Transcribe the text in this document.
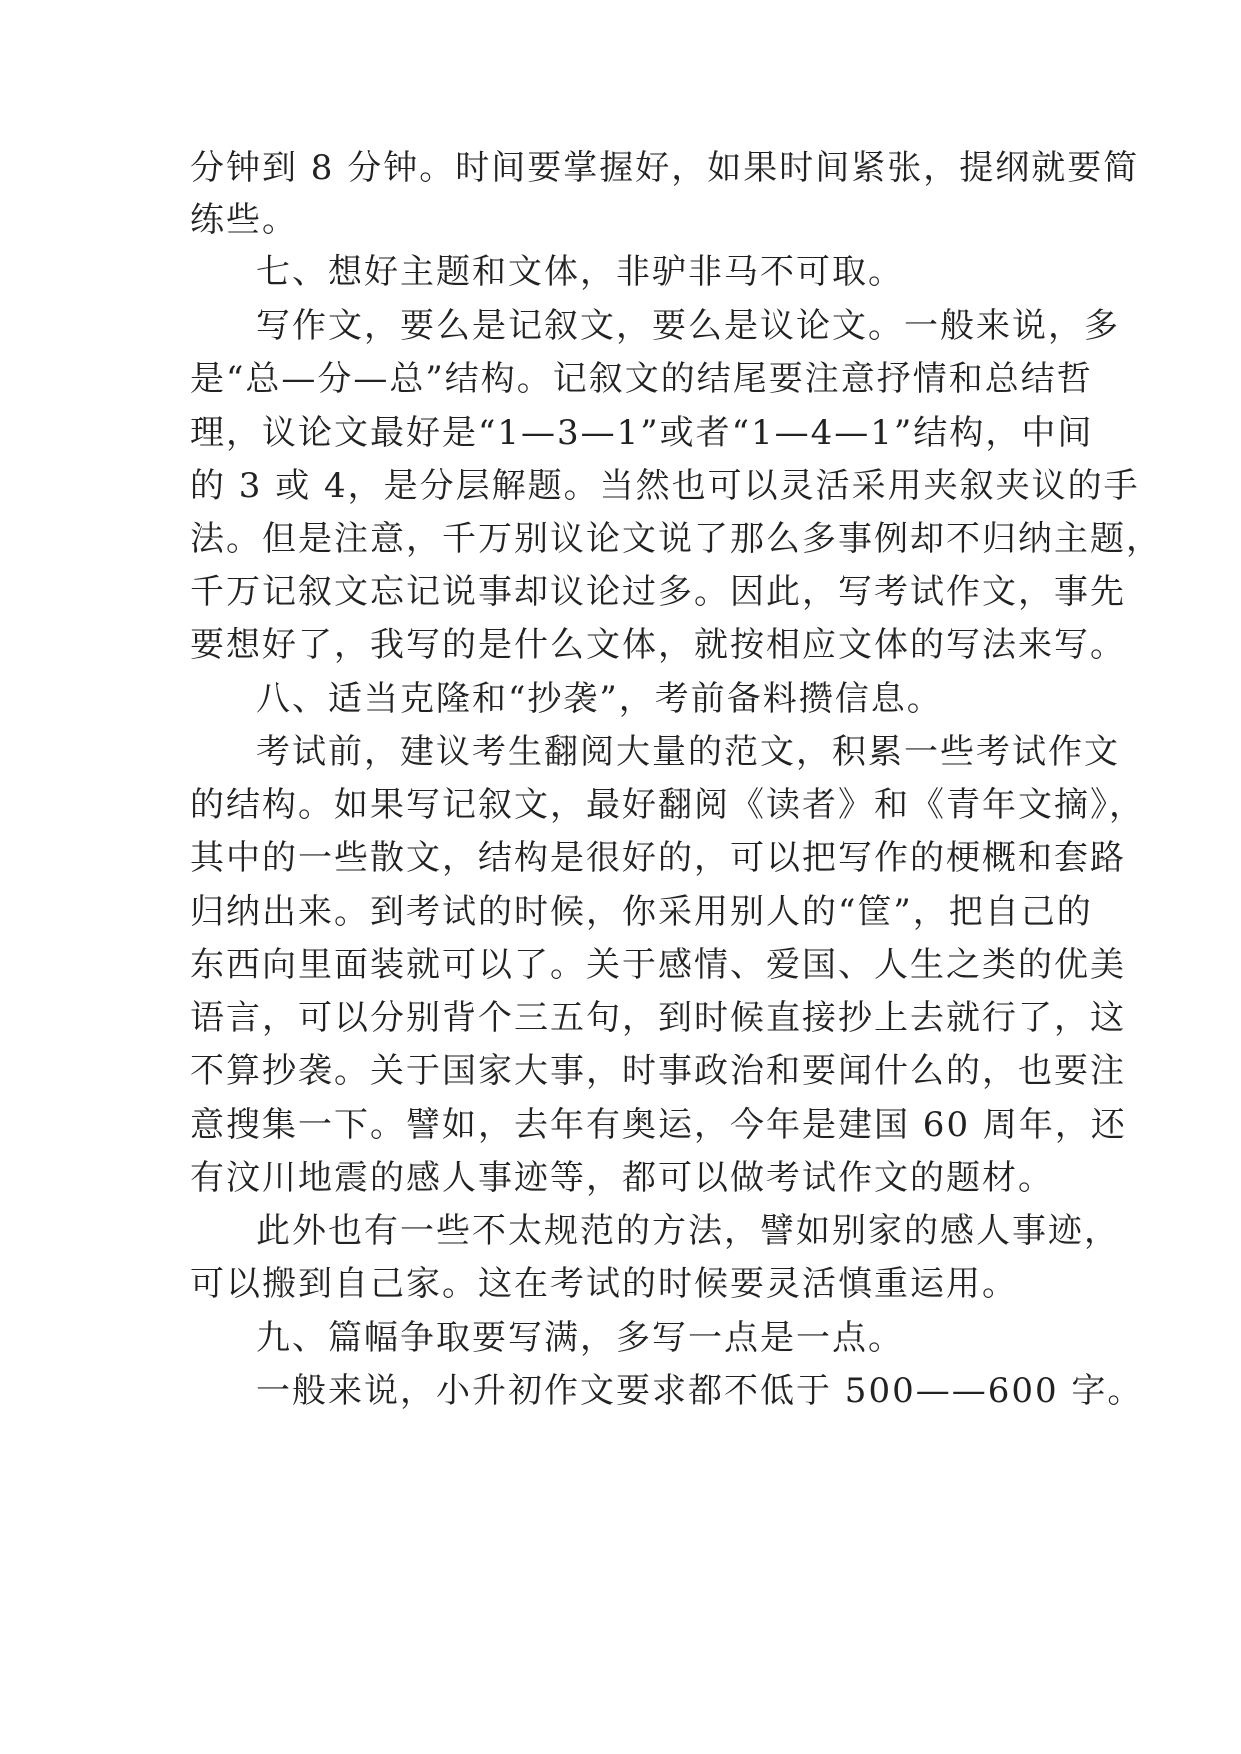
分钟到 8 分钟。时间要掌握好，如果时间紧张，提纲就要简
练些。
七、想好主题和文体，非驴非马不可取。
写作文，要么是记叙文，要么是议论文。一般来说，多
是“总—分—总”结构。记叙文的结尾要注意抒情和总结哲
理，议论文最好是“1—3—1”或者“1—4—1”结构，中间
的 3 或 4，是分层解题。当然也可以灵活采用夹叙夹议的手
法。但是注意，千万别议论文说了那么多事例却不归纳主题，
千万记叙文忘记说事却议论过多。因此，写考试作文，事先
要想好了，我写的是什么文体，就按相应文体的写法来写。
八、适当克隆和“抄袭”，考前备料攒信息。
考试前，建议考生翻阅大量的范文，积累一些考试作文
的结构。如果写记叙文，最好翻阅《读者》和《青年文摘》，
其中的一些散文，结构是很好的，可以把写作的梗概和套路
归纳出来。到考试的时候，你采用别人的“筐”，把自己的
东西向里面装就可以了。关于感情、爱国、人生之类的优美
语言，可以分别背个三五句，到时候直接抄上去就行了，这
不算抄袭。关于国家大事，时事政治和要闻什么的，也要注
意搜集一下。譬如，去年有奥运，今年是建国 60 周年，还
有汶川地震的感人事迹等，都可以做考试作文的题材。
此外也有一些不太规范的方法，譬如别家的感人事迹，
可以搬到自己家。这在考试的时候要灵活慎重运用。
九、篇幅争取要写满，多写一点是一点。
一般来说，小升初作文要求都不低于 500——600 字。
